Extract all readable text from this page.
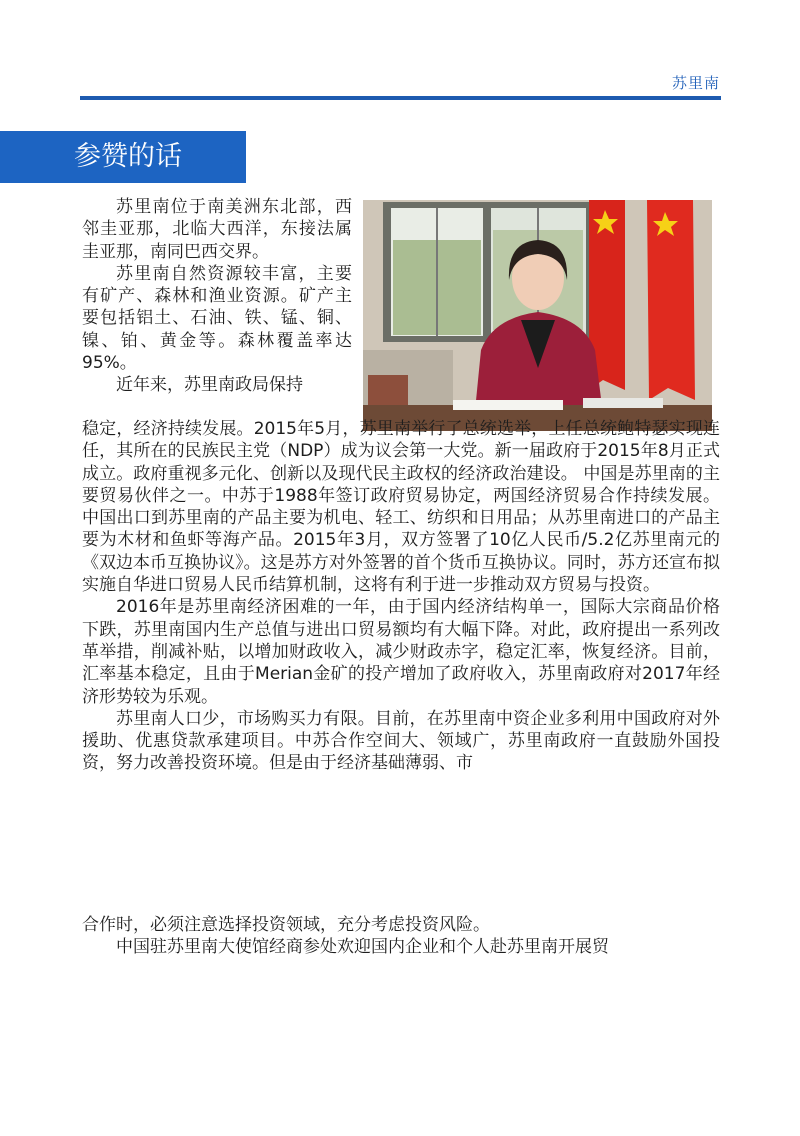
苏里南
参赞的话

苏里南位于南美洲东北部，西邻圭亚那，北临大西洋，东接法属圭亚那，南同巴西交界。

苏里南自然资源较丰富，主要有矿产、森林和渔业资源。矿产主要包括铝土、石油、铁、锰、铜、镍、铂、黄金等。森林覆盖率达95%。

近年来，苏里南政局保持

稳定，经济持续发展。2015年5月，苏里南举行了总统选举，上任总统鲍特瑟实现连任，其所在的民族民主党（NDP）成为议会第一大党。新一届政府于2015年8月正式成立。政府重视多元化、创新以及现代民主政权的经济政治建设。 中国是苏里南的主要贸易伙伴之一。中苏于1988年签订政府贸易协定，两国经济贸易合作持续发展。中国出口到苏里南的产品主要为机电、轻工、纺织和日用品；从苏里南进口的产品主要为木材和鱼虾等海产品。2015年3月，双方签署了10亿人民币/5.2亿苏里南元的《双边本币互换协议》。这是苏方对外签署的首个货币互换协议。同时，苏方还宣布拟实施自华进口贸易人民币结算机制，这将有利于进一步推动双方贸易与投资。

2016年是苏里南经济困难的一年，由于国内经济结构单一，国际大宗商品价格下跌，苏里南国内生产总值与进出口贸易额均有大幅下降。对此，政府提出一系列改革举措，削减补贴，以增加财政收入，减少财政赤字，稳定汇率，恢复经济。目前，汇率基本稳定，且由于Merian金矿的投产增加了政府收入，苏里南政府对2017年经济形势较为乐观。

苏里南人口少，市场购买力有限。目前，在苏里南中资企业多利用中国政府对外援助、优惠贷款承建项目。中苏合作空间大、领域广，苏里南政府一直鼓励外国投资，努力改善投资环境。但是由于经济基础薄弱、市

合作时，必须注意选择投资领域，充分考虑投资风险。

中国驻苏里南大使馆经商参处欢迎国内企业和个人赴苏里南开展贸
